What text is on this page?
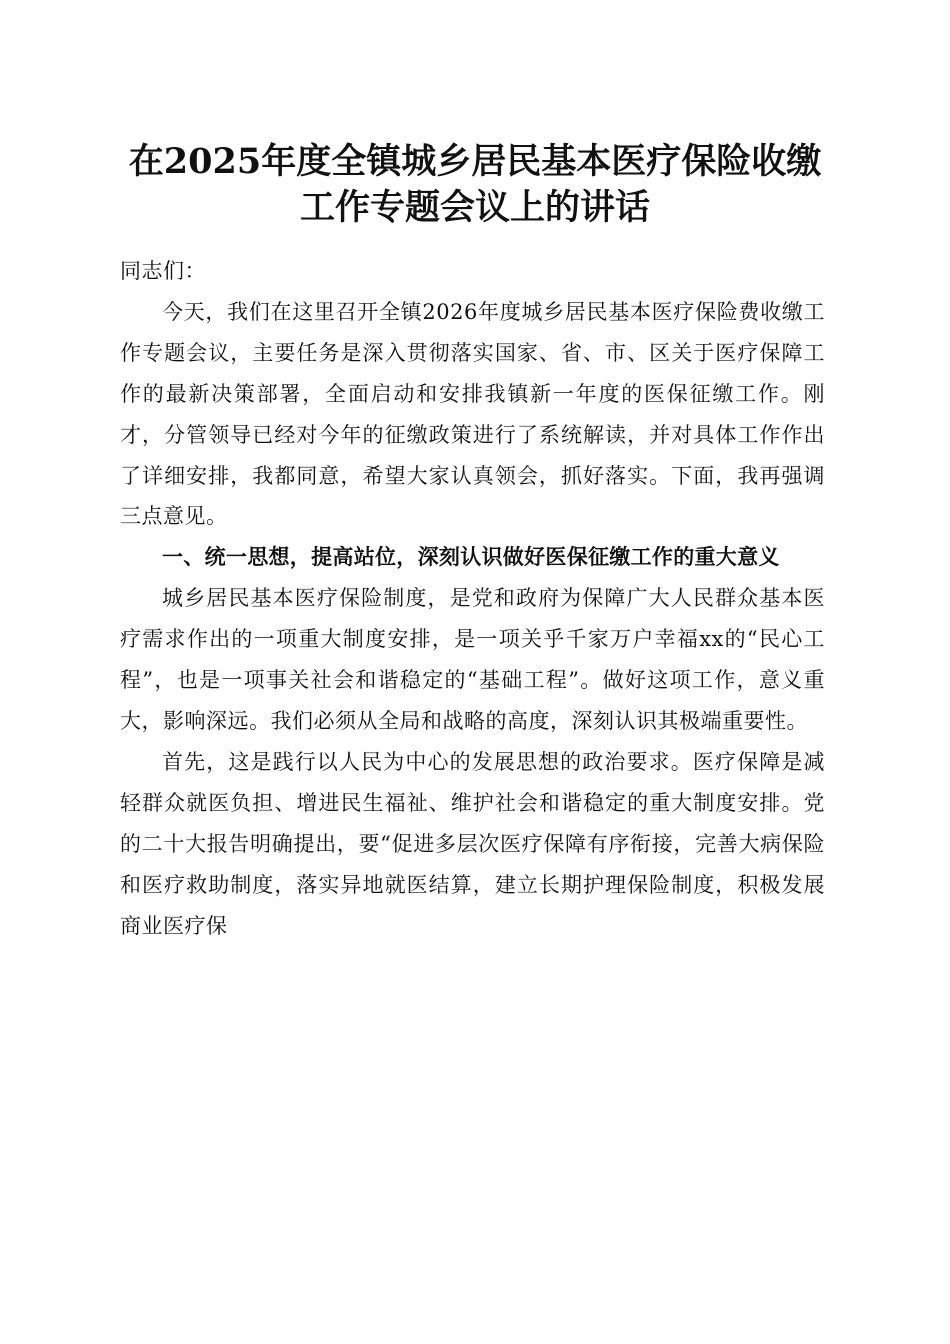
在2025年度全镇城乡居民基本医疗保险收缴
工作专题会议上的讲话

同志们：

今天，我们在这里召开全镇2026年度城乡居民基本医疗保险费收缴工作专题会议，主要任务是深入贯彻落实国家、省、市、区关于医疗保障工作的最新决策部署，全面启动和安排我镇新一年度的医保征缴工作。刚才，分管领导已经对今年的征缴政策进行了系统解读，并对具体工作作出了详细安排，我都同意，希望大家认真领会，抓好落实。下面，我再强调三点意见。

一、统一思想，提高站位，深刻认识做好医保征缴工作的重大意义

城乡居民基本医疗保险制度，是党和政府为保障广大人民群众基本医疗需求作出的一项重大制度安排，是一项关乎千家万户幸福xx的“民心工程”，也是一项事关社会和谐稳定的“基础工程”。做好这项工作，意义重大，影响深远。我们必须从全局和战略的高度，深刻认识其极端重要性。

首先，这是践行以人民为中心的发展思想的政治要求。医疗保障是减轻群众就医负担、增进民生福祉、维护社会和谐稳定的重大制度安排。党的二十大报告明确提出，要“促进多层次医疗保障有序衔接，完善大病保险和医疗救助制度，落实异地就医结算，建立长期护理保险制度，积极发展商业医疗保
